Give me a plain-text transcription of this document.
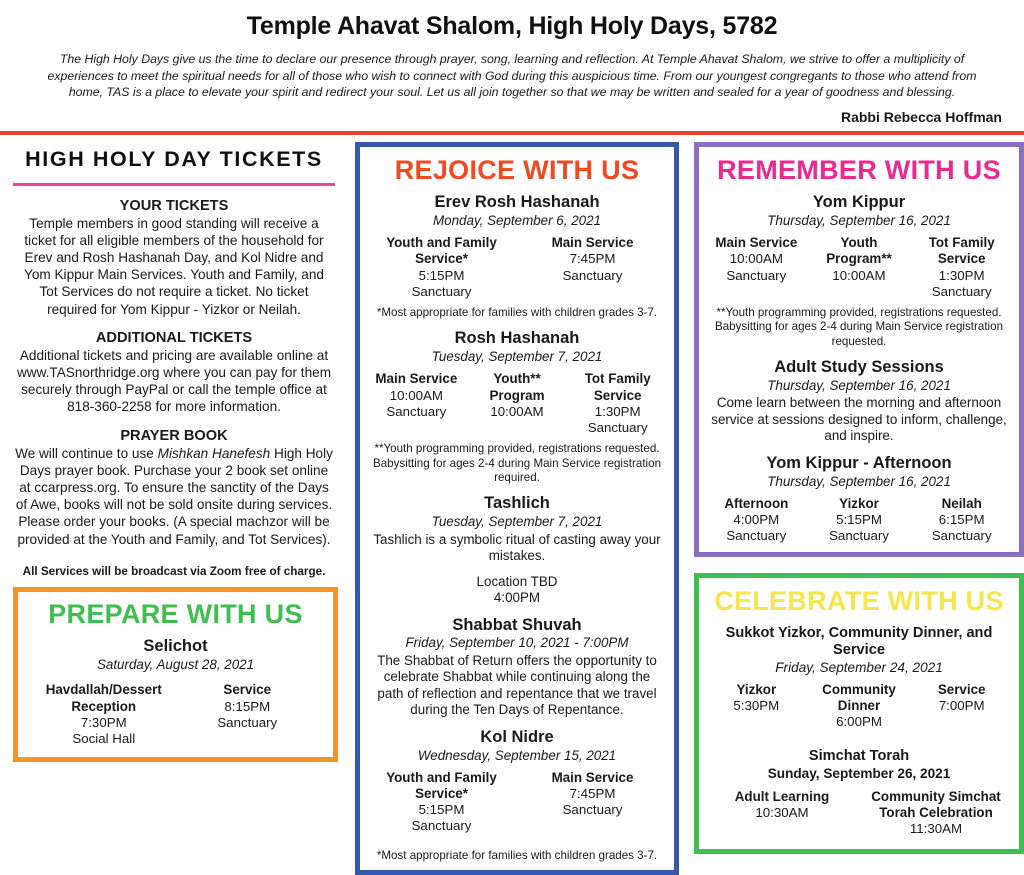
Temple Ahavat Shalom, High Holy Days, 5782
The High Holy Days give us the time to declare our presence through prayer, song, learning and reflection. At Temple Ahavat Shalom, we strive to offer a multiplicity of experiences to meet the spiritual needs for all of those who wish to connect with God during this auspicious time. From our youngest congregants to those who attend from home, TAS is a place to elevate your spirit and redirect your soul. Let us all join together so that we may be written and sealed for a year of goodness and blessing.
Rabbi Rebecca Hoffman
HIGH HOLY DAY TICKETS
YOUR TICKETS
Temple members in good standing will receive a ticket for all eligible members of the household for Erev and Rosh Hashanah Day, and Kol Nidre and Yom Kippur Main Services. Youth and Family, and Tot Services do not require a ticket. No ticket required for Yom Kippur - Yizkor or Neilah.
ADDITIONAL TICKETS
Additional tickets and pricing are available online at www.TASnorthridge.org where you can pay for them securely through PayPal or call the temple office at 818-360-2258 for more information.
PRAYER BOOK
We will continue to use Mishkan Hanefesh High Holy Days prayer book. Purchase your 2 book set online at ccarpress.org. To ensure the sanctity of the Days of Awe, books will not be sold onsite during services. Please order your books. (A special machzor will be provided at the Youth and Family, and Tot Services).
All Services will be broadcast via Zoom free of charge.
PREPARE WITH US
Selichot
Saturday, August 28, 2021
Havdallah/Dessert Reception
7:30PM
Social Hall
Service
8:15PM
Sanctuary
REJOICE WITH US
Erev Rosh Hashanah
Monday, September 6, 2021
Youth and Family Service*
5:15PM
Sanctuary
Main Service
7:45PM
Sanctuary
*Most appropriate for families with children grades 3-7.
Rosh Hashanah
Tuesday, September 7, 2021
Main Service
10:00AM
Sanctuary
Youth** Program
10:00AM

Tot Family Service
1:30PM
Sanctuary
**Youth programming provided, registrations requested. Babysitting for ages 2-4 during Main Service registration required.
Tashlich
Tuesday, September 7, 2021
Tashlich is a symbolic ritual of casting away your mistakes.
Location TBD
4:00PM
Shabbat Shuvah
Friday, September 10, 2021 - 7:00PM
The Shabbat of Return offers the opportunity to celebrate Shabbat while continuing along the path of reflection and repentance that we travel during the Ten Days of Repentance.
Kol Nidre
Wednesday, September 15, 2021
Youth and Family Service*
5:15PM
Sanctuary
Main Service
7:45PM
Sanctuary
*Most appropriate for families with children grades 3-7.
REMEMBER WITH US
Yom Kippur
Thursday, September 16, 2021
Main Service
10:00AM
Sanctuary
Youth Program**
10:00AM

Tot Family Service
1:30PM
Sanctuary
**Youth programming provided, registrations requested. Babysitting for ages 2-4 during Main Service registration requested.
Adult Study Sessions
Thursday, September 16, 2021
Come learn between the morning and afternoon service at sessions designed to inform, challenge, and inspire.
Yom Kippur - Afternoon
Thursday, September 16, 2021
Afternoon
4:00PM
Sanctuary
Yizkor
5:15PM
Sanctuary
Neilah
6:15PM
Sanctuary
CELEBRATE WITH US
Sukkot Yizkor, Community Dinner, and Service
Friday, September 24, 2021
Yizkor
5:30PM
Community Dinner
6:00PM
Service
7:00PM
Simchat Torah
Sunday, September 26, 2021
Adult Learning
10:30AM
Community Simchat Torah Celebration
11:30AM
